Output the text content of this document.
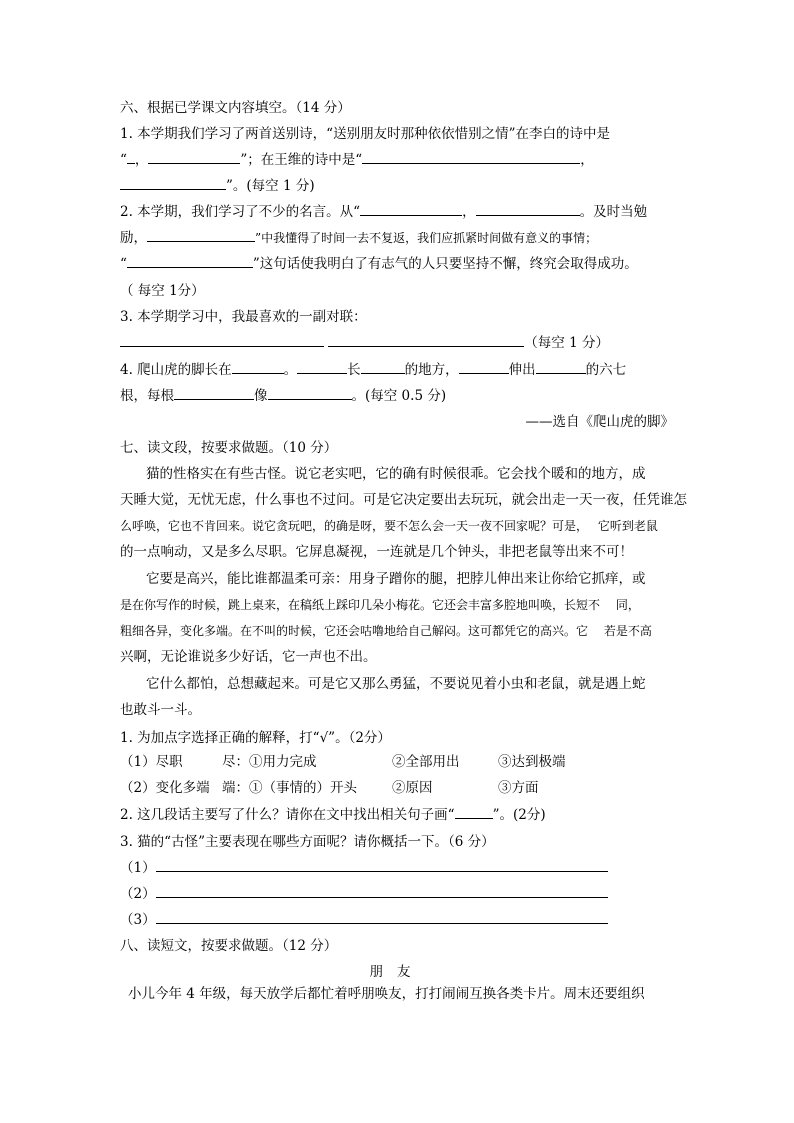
六、根据已学课文内容填空。（14 分）
1. 本学期我们学习了两首送别诗，“送别朋友时那种依依惜别之情”在李白的诗中是
“ ，	”；在王维的诗中是“	，
”。(每空 1 分)
2. 本学期，我们学习了不少的名言。从“	，	。及时当勉
励，	”中我懂得了时间一去不复返，我们应抓紧时间做有意义的事情；
“	”这句话使我明白了有志气的人只要坚持不懈，终究会取得成功。
（ 每空 1分）
3. 本学期学习中，我最喜欢的一副对联：
（每空 1 分）
4. 爬山虎的脚长在	。	长	的地方，	伸出	的六七
根，每根	像	。(每空 0.5 分)
——选自《爬山虎的脚》
七、读文段，按要求做题。（10 分）
猫的性格实在有些古怪。说它老实吧，它的确有时候很乖。它会找个暖和的地方，成
天睡大觉，无忧无虑，什么事也不过问。可是它决定要出去玩玩，就会出走一天一夜，任凭谁怎
么呼唤，它也不肯回来。说它贪玩吧，的确是呀，要不怎么会一天一夜不回家呢？可是，　 它听到老鼠
的一点响动，又是多么尽职。它屏息凝视，一连就是几个钟头，非把老鼠等出来不可！
它要是高兴，能比谁都温柔可亲：用身子蹭你的腿，把脖儿伸出来让你给它抓痒，或
是在你写作的时候，跳上桌来，在稿纸上踩印几朵小梅花。它还会丰富多腔地叫唤，长短不　 同，
粗细各异，变化多端。在不叫的时候，它还会咕噜地给自己解闷。这可都凭它的高兴。它　 若是不高
兴啊，无论谁说多少好话，它一声也不出。
它什么都怕，总想藏起来。可是它又那么勇猛，不要说见着小虫和老鼠，就是遇上蛇
也敢斗一斗。
1. 为加点字选择正确的解释，打“√”。（2分）
（1）尽职	尽：①用力完成	②全部用出	③达到极端
（2）变化多端 端：①（事情的）开头	②原因	③方面
2. 这几段话主要写了什么？请你在文中找出相关句子画“	”。(2分)
3. 猫的“古怪”主要表现在哪些方面呢？请你概括一下。（6 分）
（1）
（2）
（3）
八、读短文，按要求做题。（12 分）
朋友
小儿今年 4 年级，每天放学后都忙着呼朋唤友，打打闹闹互换各类卡片。周末还要组织
